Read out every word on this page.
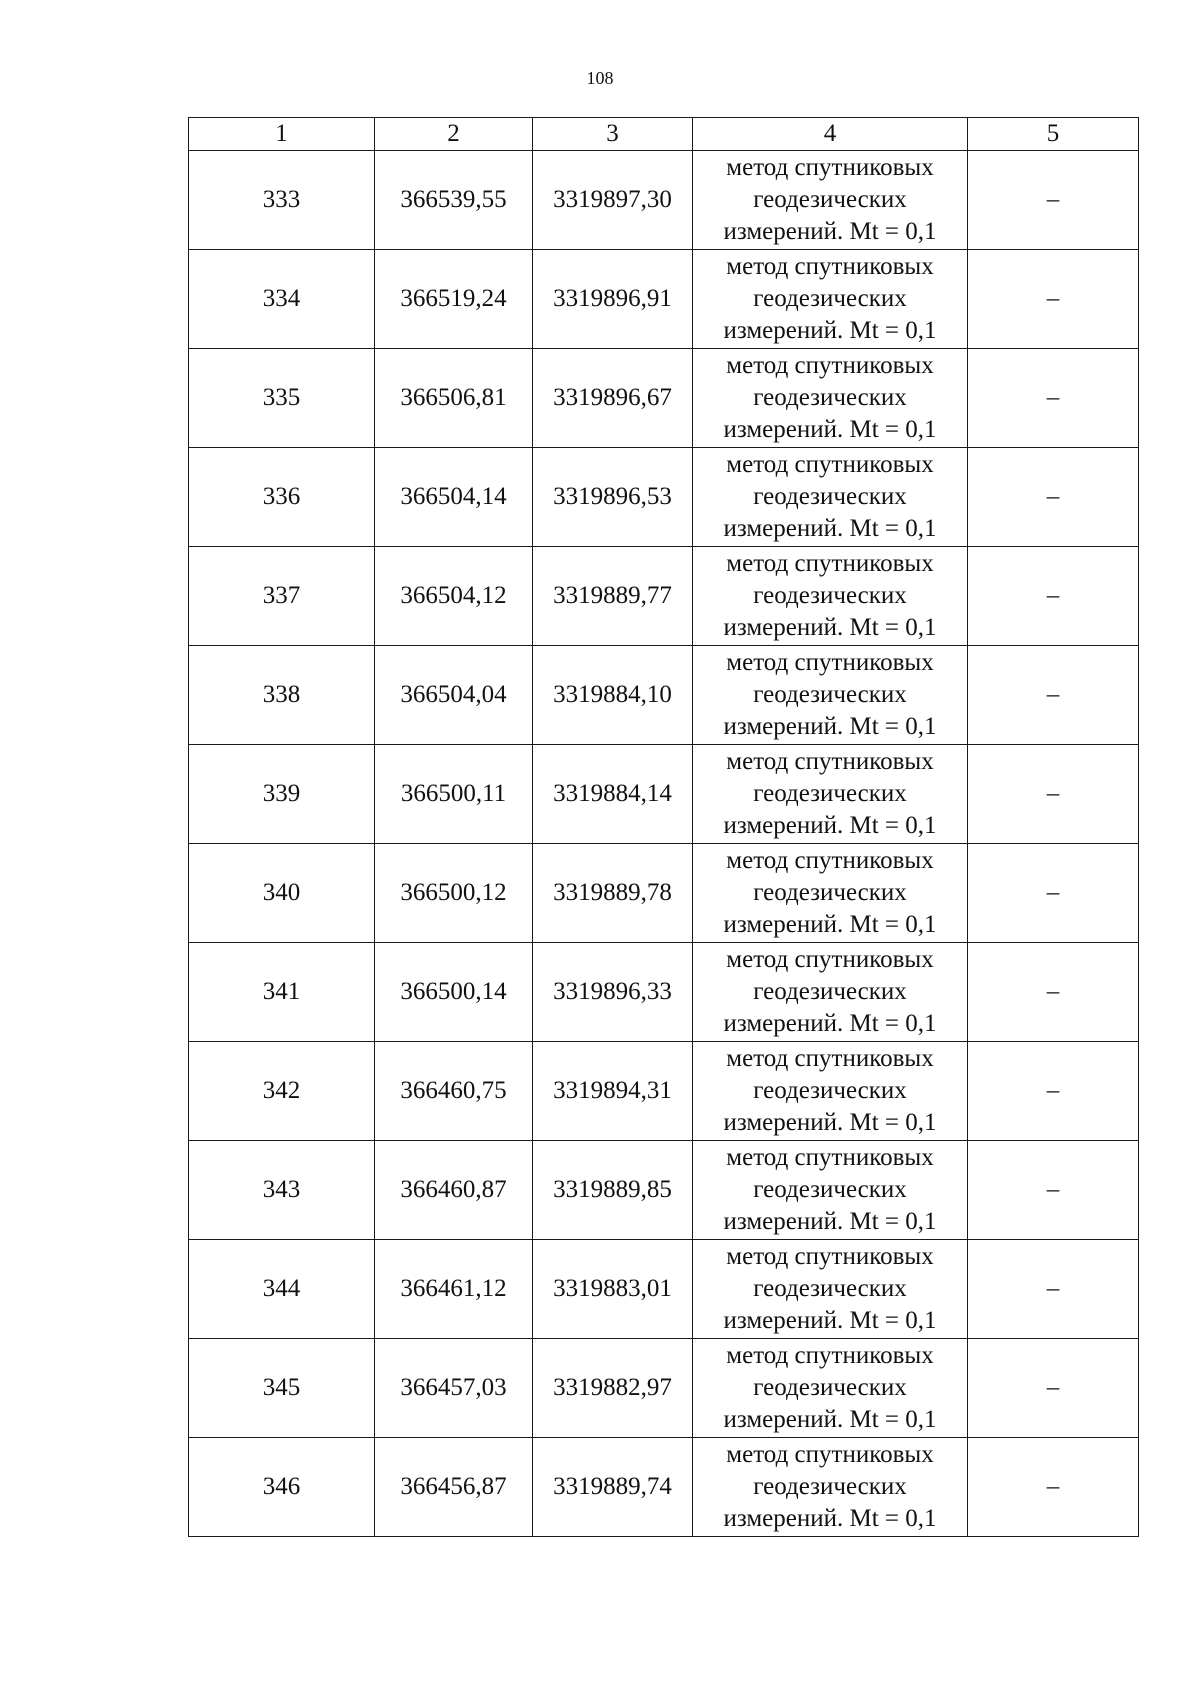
108
1	2	3	4	5
333	366539,55	3319897,30	метод спутниковых
геодезических
измерений. Mt = 0,1	–
334	366519,24	3319896,91	метод спутниковых
геодезических
измерений. Mt = 0,1	–
335	366506,81	3319896,67	метод спутниковых
геодезических
измерений. Mt = 0,1	–
336	366504,14	3319896,53	метод спутниковых
геодезических
измерений. Mt = 0,1	–
337	366504,12	3319889,77	метод спутниковых
геодезических
измерений. Mt = 0,1	–
338	366504,04	3319884,10	метод спутниковых
геодезических
измерений. Mt = 0,1	–
339	366500,11	3319884,14	метод спутниковых
геодезических
измерений. Mt = 0,1	–
340	366500,12	3319889,78	метод спутниковых
геодезических
измерений. Mt = 0,1	–
341	366500,14	3319896,33	метод спутниковых
геодезических
измерений. Mt = 0,1	–
342	366460,75	3319894,31	метод спутниковых
геодезических
измерений. Mt = 0,1	–
343	366460,87	3319889,85	метод спутниковых
геодезических
измерений. Mt = 0,1	–
344	366461,12	3319883,01	метод спутниковых
геодезических
измерений. Mt = 0,1	–
345	366457,03	3319882,97	метод спутниковых
геодезических
измерений. Mt = 0,1	–
346	366456,87	3319889,74	метод спутниковых
геодезических
измерений. Mt = 0,1	–
